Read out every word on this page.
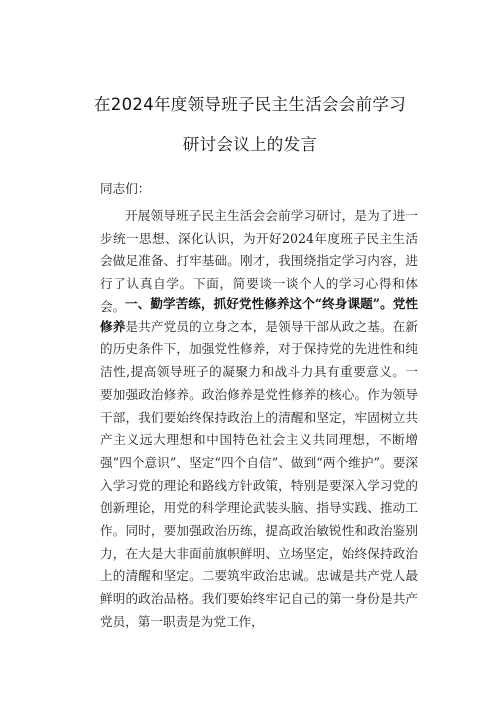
在2024年度领导班子民主生活会会前学习
研讨会议上的发言
同志们：
开展领导班子民主生活会会前学习研讨，是为了进一步统一思想、深化认识，为开好2024年度班子民主生活会做足准备、打牢基础。刚才，我围绕指定学习内容，进行了认真自学。下面，简要谈一谈个人的学习心得和体会。 一、勤学苦练，抓好党性修养这个“终身课题”。党性修养是共产党员的立身之本，是领导干部从政之基。在新的历史条件下，加强党性修养，对于保持党的先进性和纯洁性,提高领导班子的凝聚力和战斗力具有重要意义。一要加强政治修养。政治修养是党性修养的核心。作为领导干部，我们要始终保持政治上的清醒和坚定，牢固树立共产主义远大理想和中国特色社会主义共同理想，不断增强“四个意识”、坚定“四个自信”、做到“两个维护”。要深入学习党的理论和路线方针政策，特别是要深入学习党的创新理论，用党的科学理论武装头脑、指导实践、推动工作。同时，要加强政治历练，提高政治敏锐性和政治鉴别力，在大是大非面前旗帜鲜明、立场坚定，始终保持政治上的清醒和坚定。二要筑牢政治忠诚。忠诚是共产党人最鲜明的政治品格。我们要始终牢记自己的第一身份是共产党员，第一职责是为党工作，
